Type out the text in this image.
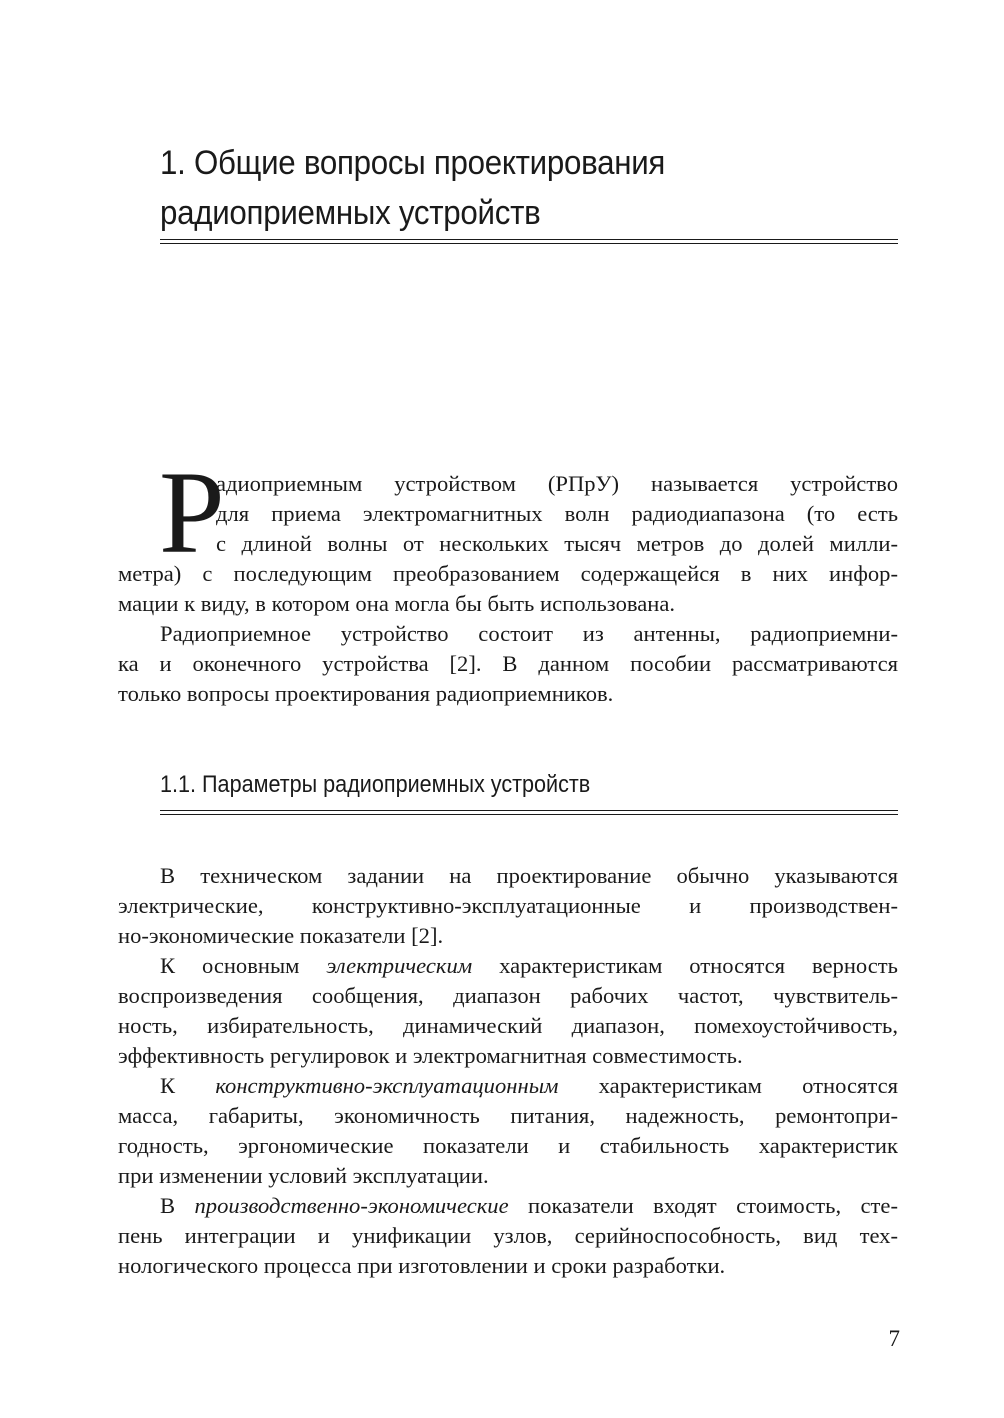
1. Общие вопросы проектирования
радиоприемных устройств
Р
адиоприемным устройством (РПрУ) называется устройство
для приема электромагнитных волн радиодиапазона (то есть
с длиной волны от нескольких тысяч метров до долей милли-
метра) с последующим преобразованием содержащейся в них инфор-
мации к виду, в котором она могла бы быть использована.
Радиоприемное устройство состоит из антенны, радиоприемни-
ка и оконечного устройства [2]. В данном пособии рассматриваются
только вопросы проектирования радиоприемников.
1.1. Параметры радиоприемных устройств
В техническом задании на проектирование обычно указываются
электрические, конструктивно-эксплуатационные и производствен-
но-экономические показатели [2].
К основным электрическим характеристикам относятся верность
воспроизведения сообщения, диапазон рабочих частот, чувствитель-
ность, избирательность, динамический диапазон, помехоустойчивость,
эффективность регулировок и электромагнитная совместимость.
К конструктивно-эксплуатационным характеристикам относятся
масса, габариты, экономичность питания, надежность, ремонтопри-
годность, эргономические показатели и стабильность характеристик
при изменении условий эксплуатации.
В производственно-экономические показатели входят стоимость, сте-
пень интеграции и унификации узлов, серийноспособность, вид тех-
нологического процесса при изготовлении и сроки разработки.
7
